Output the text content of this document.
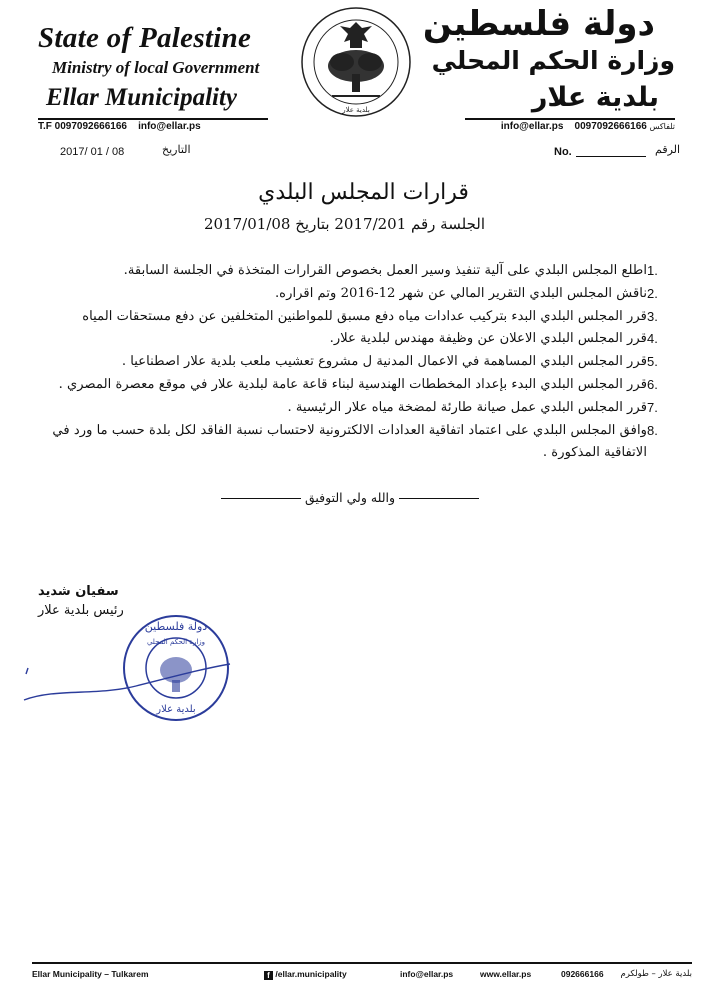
State of Palestine
Ministry of local Government
Ellar Municipality
دولة فلسطين
وزارة الحكم المحلي
بلدية علار
بلدية علار
T.F 0097092666166 info@ellar.ps	info@ellar.ps 0097092666166 تلفاكس
2017/ 01 / 08	التاريخ	No.	الرقم
قرارات المجلس البلدي
الجلسة رقم 2017/201 بتاريخ 2017/01/08
.1
اطلع المجلس البلدي على آلية تنفيذ وسير العمل بخصوص القرارات المتخذة في الجلسة السابقة.
.2
ناقش المجلس البلدي التقرير المالي عن شهر 12-2016 وتم اقراره.
.3
قرر المجلس البلدي البدء بتركيب عدادات مياه دفع مسبق للمواطنين المتخلفين عن دفع مستحقات المياه
.4
قرر المجلس البلدي الاعلان عن وظيفة مهندس لبلدية علار.
.5
قرر المجلس البلدي المساهمة في الاعمال المدنية ل مشروع تعشيب ملعب بلدية علار اصطناعيا .
.6
قرر المجلس البلدي البدء بإعداد المخططات الهندسية لبناء قاعة عامة لبلدية علار في موقع معصرة المصري .
.7
قرر المجلس البلدي عمل صيانة طارئة لمضخة مياه علار الرئيسية .
.8
وافق المجلس البلدي على اعتماد اتفاقية العدادات الالكترونية لاحتساب نسبة الفاقد لكل بلدة حسب ما ورد في الاتفاقية المذكورة .
والله ولي التوفيق
دولة فلسطين
وزارة الحكم المحلي
بلدية علار
سفيان شديد
رئيس بلدية علار
Ellar Municipality – Tulkarem	f /ellar.municipality	info@ellar.ps	www.ellar.ps	092666166 بلدية علار – طولكرم
